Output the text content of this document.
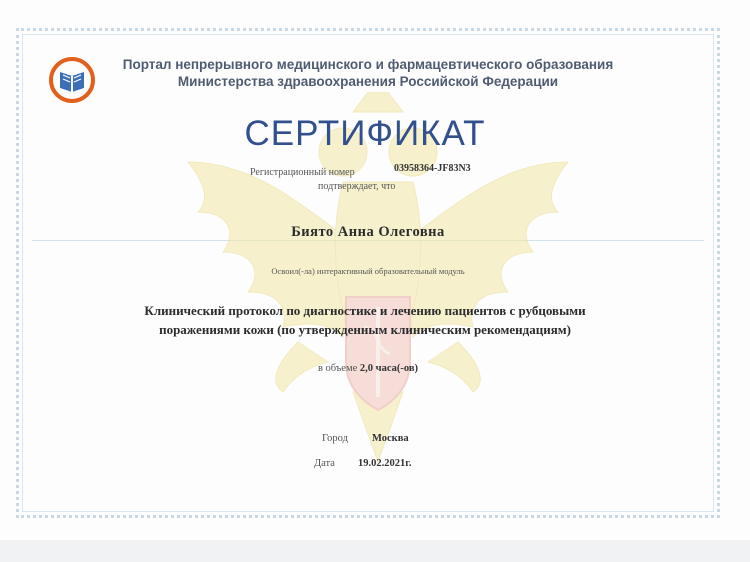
Портал непрерывного медицинского и фармацевтического образования
Министерства здравоохранения Российской Федерации
СЕРТИФИКАТ
Регистрационный номер	03958364-JF83N3
подтверждает, что
Биято Анна Олеговна
Освоил(-ла) интерактивный образовательный модуль
Клинический протокол по диагностике и лечению пациентов с рубцовыми
поражениями кожи (по утвержденным клиническим рекомендациям)
в объеме 2,0 часа(-ов)
Город Москва
Дата 19.02.2021г.
